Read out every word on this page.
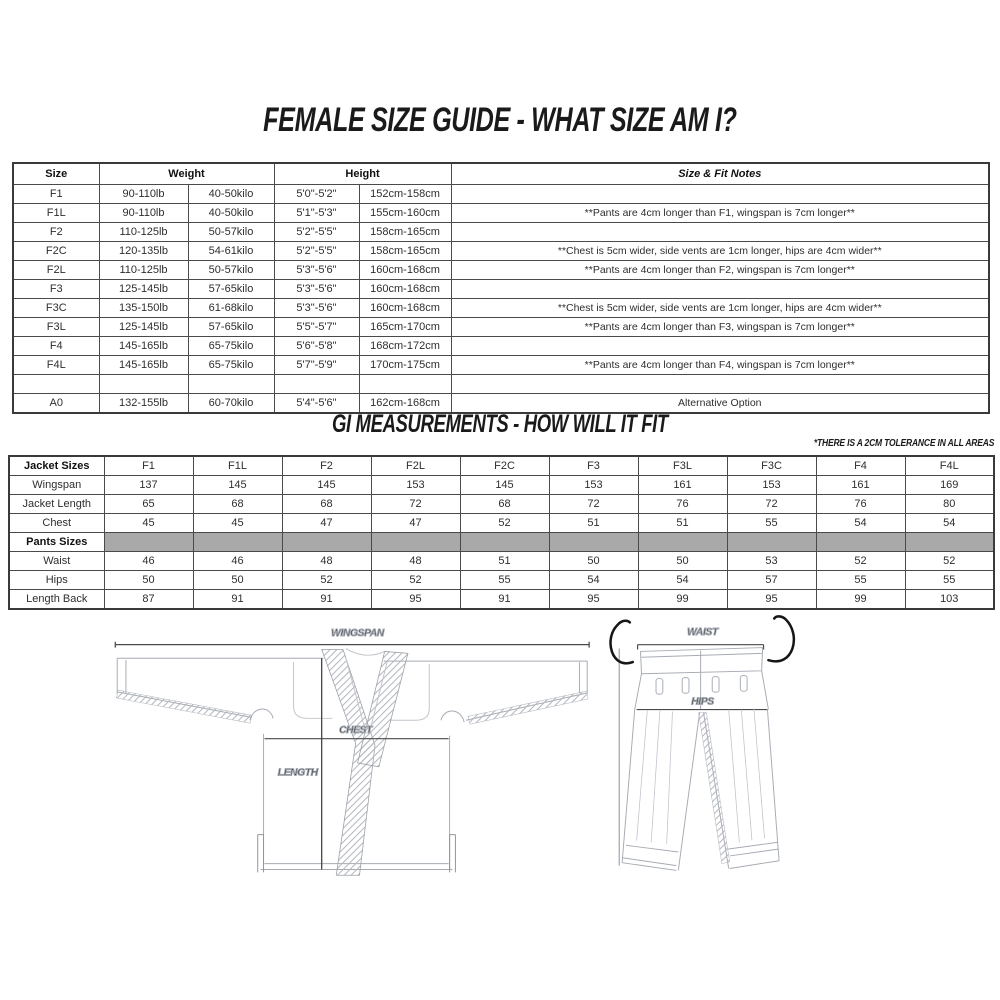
FEMALE SIZE GUIDE - WHAT SIZE AM I?
Size	Weight		Height		Size & Fit Notes
F1	90-110lb	40-50kilo	5'0"-5'2"	152cm-158cm	
F1L	90-110lb	40-50kilo	5'1"-5'3"	155cm-160cm	**Pants are 4cm longer than F1, wingspan is 7cm longer**
F2	110-125lb	50-57kilo	5'2"-5'5"	158cm-165cm	
F2C	120-135lb	54-61kilo	5'2"-5'5"	158cm-165cm	**Chest is 5cm wider, side vents are 1cm longer, hips are 4cm wider**
F2L	110-125lb	50-57kilo	5'3"-5'6"	160cm-168cm	**Pants are 4cm longer than F2, wingspan is 7cm longer**
F3	125-145lb	57-65kilo	5'3"-5'6"	160cm-168cm	
F3C	135-150lb	61-68kilo	5'3"-5'6"	160cm-168cm	**Chest is 5cm wider, side vents are 1cm longer, hips are 4cm wider**
F3L	125-145lb	57-65kilo	5'5"-5'7"	165cm-170cm	**Pants are 4cm longer than F3, wingspan is 7cm longer**
F4	145-165lb	65-75kilo	5'6"-5'8"	168cm-172cm	
F4L	145-165lb	65-75kilo	5'7"-5'9"	170cm-175cm	**Pants are 4cm longer than F4, wingspan is 7cm longer**

A0	132-155lb	60-70kilo	5'4"-5'6"	162cm-168cm	Alternative Option
GI MEASUREMENTS - HOW WILL IT FIT
*THERE IS A 2CM TOLERANCE IN ALL AREAS
Jacket Sizes	F1	F1L	F2	F2L	F2C	F3	F3L	F3C	F4	F4L
Wingspan	137	145	145	153	145	153	161	153	161	169
Jacket Length	65	68	68	72	68	72	76	72	76	80
Chest	45	45	47	47	52	51	51	55	54	54
Pants Sizes										
Waist	46	46	48	48	51	50	50	53	52	52
Hips	50	50	52	52	55	54	54	57	55	55
Length Back	87	91	91	95	91	95	99	95	99	103
WINGSPAN
CHEST
LENGTH
WAIST
HIPS
